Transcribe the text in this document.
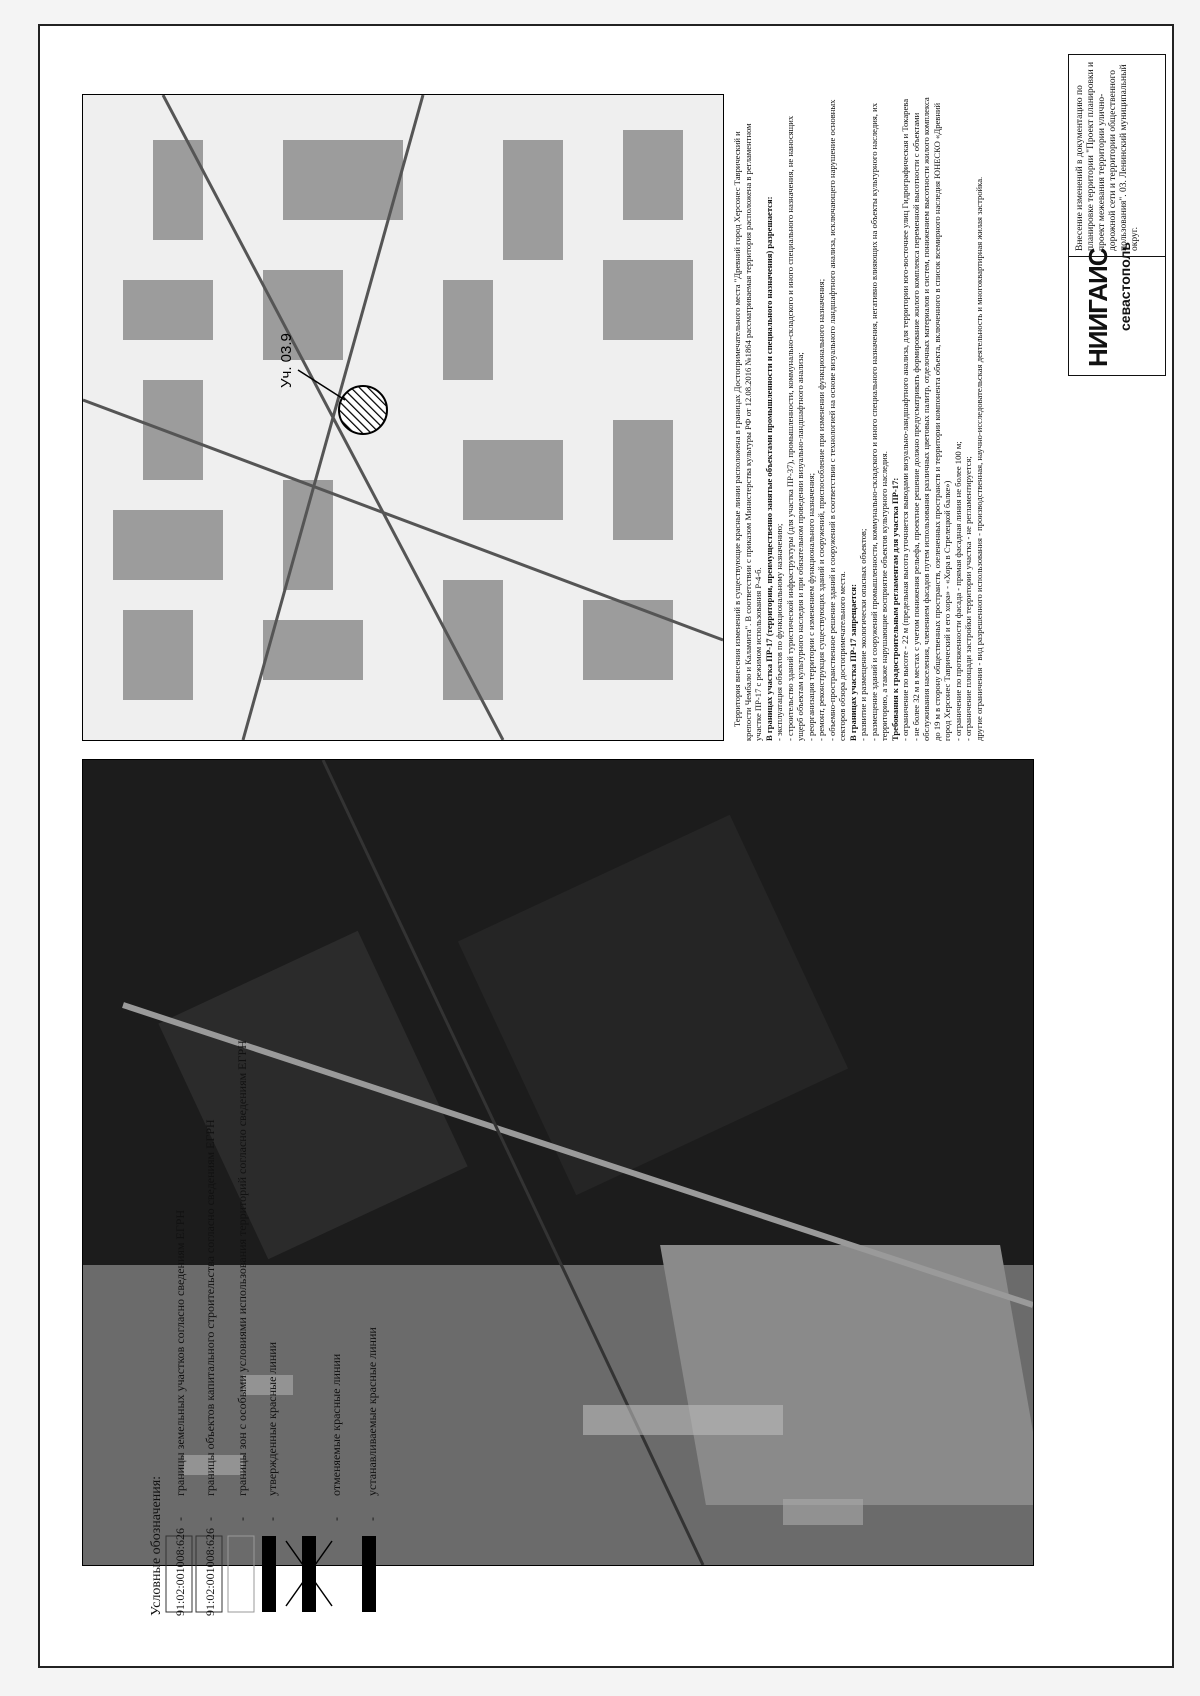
Уч. 03.9	Территория внесения изменений в существующие красные линии расположена в границах Достопримечательного места "Древний город Херсонес Таврический и крепости Чембало и Каламита". В соответствии с приказом Министерства культуры РФ от 12.08.2016 №1864 рассматриваемая территория расположена в регламентном участке ПР-17 с режимом использования Р-4-б. В границах участка ПР-17 (территории, преимущественно занятые объектами промышленности и специального назначения) разрешается: - эксплуатация объектов по функциональному назначению;

- строительство зданий туристической инфраструктуры (для участка ПР-37), промышленности, коммунально-складского и иного специального назначения, не наносящих ущерб объектам культурного наследия и при обязательном проведении визуально-ландшафтного анализа; - реорганизация территории с изменением функционального назначения;

- ремонт, реконструкция существующих зданий и сооружений, приспособление при изменении функционального назначения;

- объемно-пространственное решение зданий и сооружений в соответствии с технологией на основе визуального ландшафтного анализа, исключающего нарушение основных секторов обзора достопримечательного места. В границах участка ПР-17 запрещается: - развитие и размещение экологически опасных объектов;

- размещение зданий и сооружений промышленности, коммунально-складского и иного специального назначения, негативно влияющих на объекты культурного наследия, их территорию, а также нарушающие восприятие объектов культурного наследия. Требования к градостроительным регламентам для участка ПР-17: - ограничение по высоте - 22 м (предельная высота уточняется выводами визуально-ландшафтного анализа, для территории юго-восточнее улиц Гидрографическая и Токарева - не более 32 м в местах с учетом понижения рельефа, проектное решение должно предусматривать формирование жилого комплекса переменной высотности с объектами обслуживания населения, членением фасадов путем использования различных цветовых палитр, отделочных материалов и систем, понижением высотности жилого комплекса до 19 м в сторону общественных пространств, озелененных пространств и территории компонента объекта, включенного в список всемирного наследия ЮНЕСКО «Древний город Херсонес Таврический и его хора» - «Хора в Стрелецкой балке») - ограничение по протяженности фасада - прямая фасадная линия не более 100 м;

- ограничение площади застройки территории участка - не регламентируется; другие ограничения - вид разрешенного использования - производственная, научно-исследовательская деятельность и многоквартирная жилая застройка.	НИИГАИС севастополь
Внесение изменений в документацию по планировке территории "Проект планировки и проект межевания территории улично-дорожной сети и территории общественного пользования". 03. Ленинский муниципальный округ.
Условные обозначения: 91:02:001008:626
-
границы земельных участков согласно сведениям ЕГРН
91:02:001008:626
-
границы объектов капитального строительства согласно сведениям ЕГРН
-
границы зон с особыми условиями использования территорий согласно сведениям ЕГРН
-
утвержденные красные линии
-
отменяемые красные линии
-
устанавливаемые красные линии
